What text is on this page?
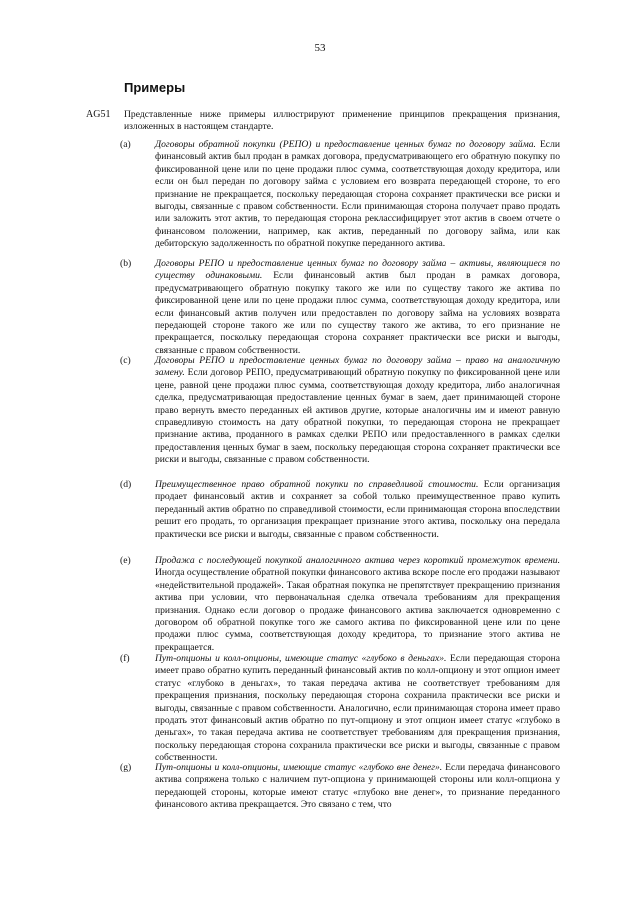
53
Примеры
AG51 Представленные ниже примеры иллюстрируют применение принципов прекращения признания, изложенных в настоящем стандарте.

(a)	Договоры обратной покупки (РЕПО) и предоставление ценных бумаг по договору займа. Если финансовый актив был продан в рамках договора, предусматривающего его обратную покупку по фиксированной цене или по цене продажи плюс сумма, соответствующая доходу кредитора, или если он был передан по договору займа с условием его возврата передающей стороне, то его признание не прекращается, поскольку передающая сторона сохраняет практически все риски и выгоды, связанные с правом собственности. Если принимающая сторона получает право продать или заложить этот актив, то передающая сторона реклассифицирует этот актив в своем отчете о финансовом положении, например, как актив, переданный по договору займа, или как дебиторскую задолженность по обратной покупке переданного актива.
(b) Договоры РЕПО и предоставление ценных бумаг по договору займа – активы, являющиеся по существу одинаковыми. Если финансовый актив был продан в рамках договора, предусматривающего обратную покупку такого же или по существу такого же актива по фиксированной цене или по цене продажи плюс сумма, соответствующая доходу кредитора, или если финансовый актив получен или предоставлен по договору займа на условиях возврата передающей стороне такого же или по существу такого же актива, то его признание не прекращается, поскольку передающая сторона сохраняет практически все риски и выгоды, связанные с правом собственности.
(c)	Договоры РЕПО и предоставление ценных бумаг по договору займа – право на аналогичную замену. Если договор РЕПО, предусматривающий обратную покупку по фиксированной цене или цене, равной цене продажи плюс сумма, соответствующая доходу кредитора, либо аналогичная сделка, предусматривающая предоставление ценных бумаг в заем, дает принимающей стороне право вернуть вместо переданных ей активов другие, которые аналогичны им и имеют равную справедливую стоимость на дату обратной покупки, то передающая сторона не прекращает признание актива, проданного в рамках сделки РЕПО или предоставленного в рамках сделки предоставления ценных бумаг в заем, поскольку передающая сторона сохраняет практически все риски и выгоды, связанные с правом собственности.
(d) Преимущественное право обратной покупки по справедливой стоимости. Если организация продает финансовый актив и сохраняет за собой только преимущественное право купить переданный актив обратно по справедливой стоимости, если принимающая сторона впоследствии решит его продать, то организация прекращает признание этого актива, поскольку она передала практически все риски и выгоды, связанные с правом собственности.
(e)	Продажа с последующей покупкой аналогичного актива через короткий промежуток времени. Иногда осуществление обратной покупки финансового актива вскоре после его продажи называют «недействительной продажей». Такая обратная покупка не препятствует прекращению признания актива при условии, что первоначальная сделка отвечала требованиям для прекращения признания. Однако если договор о продаже финансового актива заключается одновременно с договором об обратной покупке того же самого актива по фиксированной цене или по цене продажи плюс сумма, соответствующая доходу кредитора, то признание этого актива не прекращается.
(f)	Пут-опционы и колл-опционы, имеющие статус «глубоко в деньгах». Если передающая сторона имеет право обратно купить переданный финансовый актив по колл-опциону и этот опцион имеет статус «глубоко в деньгах», то такая передача актива не соответствует требованиям для прекращения признания, поскольку передающая сторона сохранила практически все риски и выгоды, связанные с правом собственности. Аналогично, если принимающая сторона имеет право продать этот финансовый актив обратно по пут-опциону и этот опцион имеет статус «глубоко в деньгах», то такая передача актива не соответствует требованиям для прекращения признания, поскольку передающая сторона сохранила практически все риски и выгоды, связанные с правом собственности.
(g) Пут-опционы и колл-опционы, имеющие статус «глубоко вне денег». Если передача финансового актива сопряжена только с наличием пут-опциона у принимающей стороны или колл-опциона у передающей стороны, которые имеют статус «глубоко вне денег», то признание переданного финансового актива прекращается. Это связано с тем, что
